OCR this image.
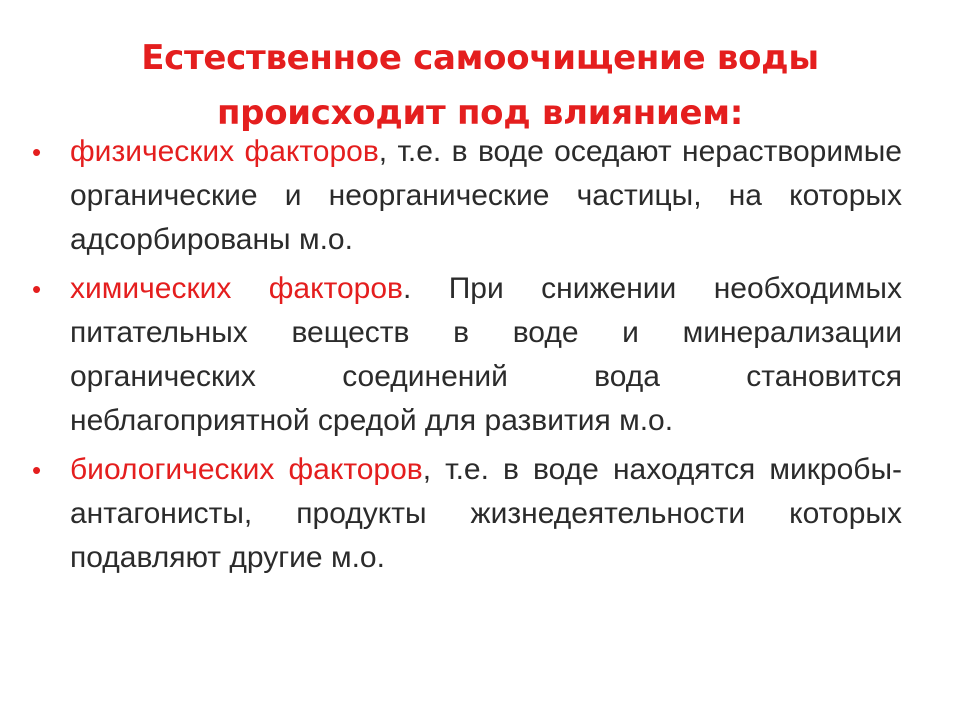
Естественное самоочищение воды
происходит под влиянием:
• физических факторов, т.е. в воде оседают нерастворимые органические и неорганические частицы, на которых адсорбированы м.о.
• химических факторов. При снижении необходимых питательных веществ в воде и минерализации органических соединений вода становится неблагоприятной средой для развития м.о.
• биологических факторов, т.е. в воде находятся микробы-антагонисты, продукты жизнедеятельности которых подавляют другие м.о.
